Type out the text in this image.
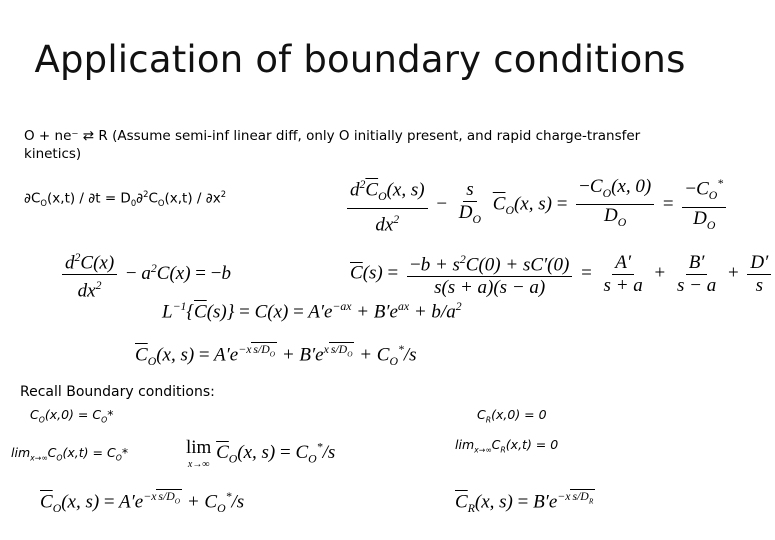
Application of boundary conditions
O + ne⁻ ⇄ R (Assume semi-inf linear diff, only O initially present, and rapid charge-transfer kinetics)
$\partial C_O(x,t) / \partial t = D_0\partial^2C_O(x,t) / \partial x^2$	$\frac{d^2\overline{C}_O(x, s)}{dx^2} - \frac{s}{D_O} \overline{C}_O(x$, $s) = \frac{-C_O(x, 0)}{D_O} = \frac{-C_O^*}{D_O}$
$\frac{d^2C(x)}{dx^2} - a^2C(x) = -b$	$\overline{C}(s) = \frac{-b + s^2C(0) + sC'(0)}{s(s + a)(s - a)} = \frac{A'}{s + a} + \frac{B'}{s - a} + \frac{D'}{s}$
$L^{-1}\{\overline{C}(s)\} = C(x) = A'e^{-ax} + B'e^{ax} + b/a^2$
$\overline{C}_O(x$, $s) = A'e^{-x s/D_O} + B'e^{x s/D_O} + C_O^*/s$
Recall Boundary conditions:
$C_O(x,0) = C_O*$	$C_R(x,0) = 0$
$\lim_{x\to\infty}C_O(x,t) = C_O*$
$\lim_{x\to\infty}C_R(x,t) = 0$
lim
x→∞
$\overline{C}_O(x$, $s) = C_O^*/s$
$\overline{C}_O(x$, $s) = A'e^{-x s/D_O} + C_O^*/s$	$\overline{C}_R(x$, $s) = B'e^{-x s/D_R}$
